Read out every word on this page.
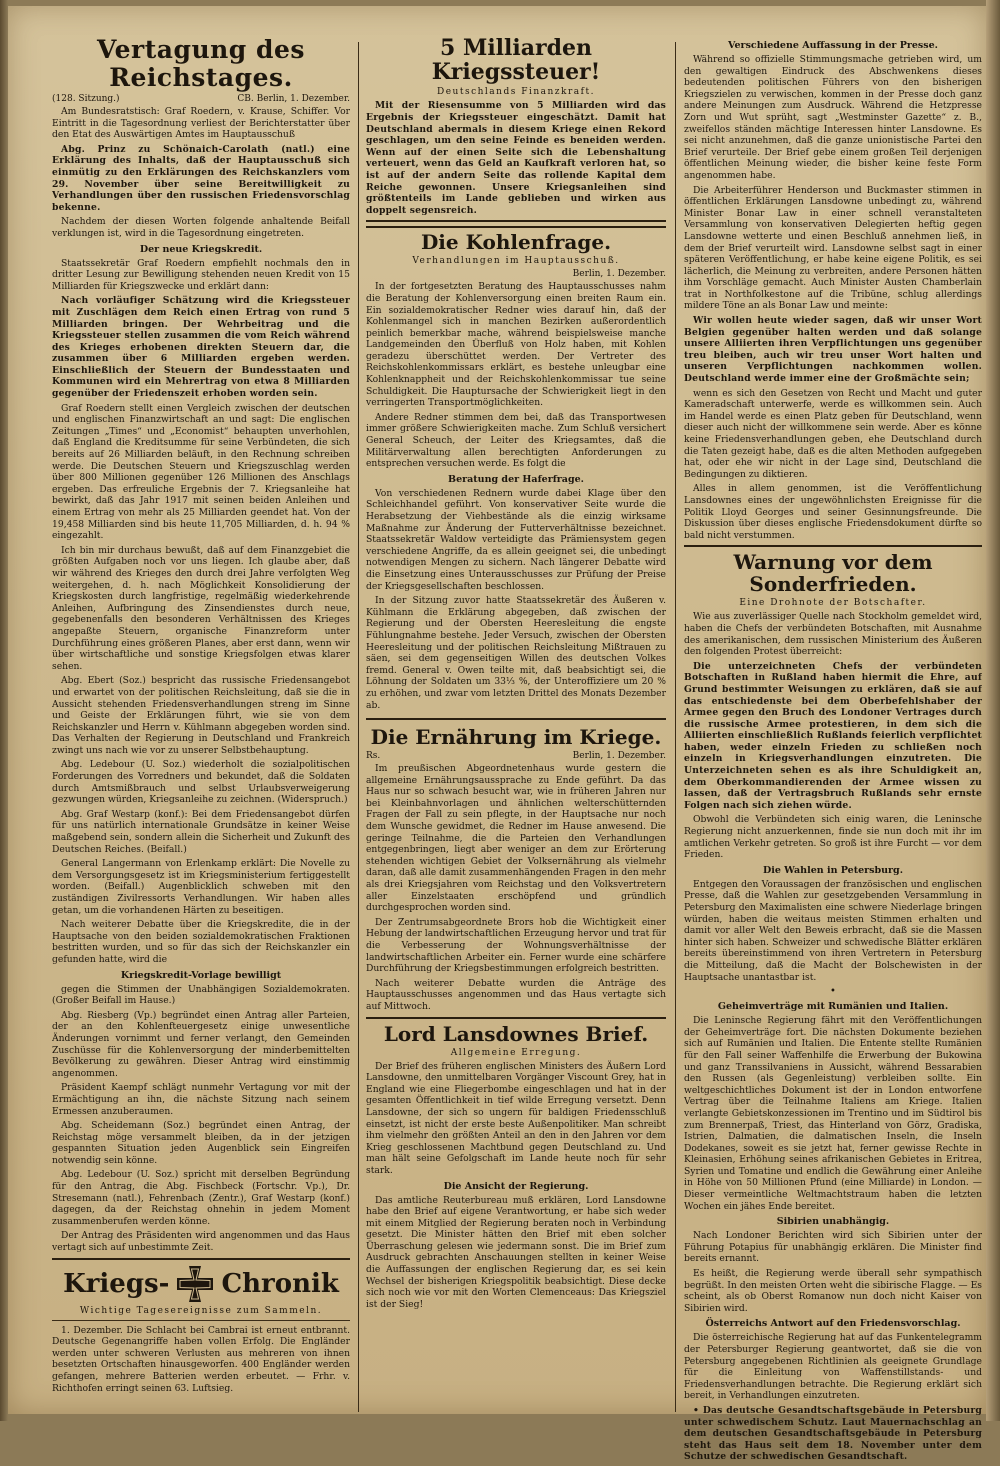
Vertagung des Reichstages.
(128. Sitzung.)	CB. Berlin, 1. Dezember.

Am Bundesratstisch: Graf Roedern, v. Krause, Schiffer. Vor Eintritt in die Tagesordnung verliest der Berichterstatter über den Etat des Auswärtigen Amtes im Hauptausschuß

Abg. Prinz zu Schönaich-Carolath (natl.) eine Erklärung des Inhalts, daß der Hauptausschuß sich einmütig zu den Erklärungen des Reichskanzlers vom 29. November über seine Bereitwilligkeit zu Verhandlungen über den russischen Friedensvorschlag bekenne.

Nachdem der diesen Worten folgende anhaltende Beifall verklungen ist, wird in die Tagesordnung eingetreten.

Der neue Kriegskredit.

Staatssekretär Graf Roedern empfiehlt nochmals den in dritter Lesung zur Bewilligung stehenden neuen Kredit von 15 Milliarden für Kriegszwecke und erklärt dann:

Nach vorläufiger Schätzung wird die Kriegssteuer mit Zuschlägen dem Reich einen Ertrag von rund 5 Milliarden bringen. Der Wehrbeitrag und die Kriegssteuer stellen zusammen die vom Reich während des Krieges erhobenen direkten Steuern dar, die zusammen über 6 Milliarden ergeben werden. Einschließlich der Steuern der Bundesstaaten und Kommunen wird ein Mehrertrag von etwa 8 Milliarden gegenüber der Friedenszeit erhoben worden sein.

Graf Roedern stellt einen Vergleich zwischen der deutschen und englischen Finanzwirtschaft an und sagt: Die englischen Zeitungen „Times“ und „Economist“ behaupten unverhohlen, daß England die Kreditsumme für seine Verbündeten, die sich bereits auf 26 Milliarden beläuft, in den Rechnung schreiben werde. Die Deutschen Steuern und Kriegszuschlag werden über 800 Millionen gegenüber 126 Millionen des Anschlags ergeben. Das erfreuliche Ergebnis der 7. Kriegsanleihe hat bewirkt, daß das Jahr 1917 mit seinen beiden Anleihen und einem Ertrag von mehr als 25 Milliarden geendet hat. Von der 19,458 Milliarden sind bis heute 11,705 Milliarden, d. h. 94 % eingezahlt.

Ich bin mir durchaus bewußt, daß auf dem Finanzgebiet die größten Aufgaben noch vor uns liegen. Ich glaube aber, daß wir während des Krieges den durch drei Jahre verfolgten Weg weitergehen, d. h. nach Möglichkeit Konsolidierung der Kriegskosten durch langfristige, regelmäßig wiederkehrende Anleihen, Aufbringung des Zinsendienstes durch neue, gegebenenfalls den besonderen Verhältnissen des Krieges angepaßte Steuern, organische Finanzreform unter Durchführung eines größeren Planes, aber erst dann, wenn wir über wirtschaftliche und sonstige Kriegsfolgen etwas klarer sehen.

Abg. Ebert (Soz.) bespricht das russische Friedensangebot und erwartet von der politischen Reichsleitung, daß sie die in Aussicht stehenden Friedensverhandlungen streng im Sinne und Geiste der Erklärungen führt, wie sie von dem Reichskanzler und Herrn v. Kühlmann abgegeben worden sind. Das Verhalten der Regierung in Deutschland und Frankreich zwingt uns nach wie vor zu unserer Selbstbehauptung.

Abg. Ledebour (U. Soz.) wiederholt die sozialpolitischen Forderungen des Vorredners und bekundet, daß die Soldaten durch Amtsmißbrauch und selbst Urlaubsverweigerung gezwungen würden, Kriegsanleihe zu zeichnen. (Widerspruch.)

Abg. Graf Westarp (konf.): Bei dem Friedensangebot dürfen für uns natürlich internationale Grundsätze in keiner Weise maßgebend sein, sondern allein die Sicherheit und Zukunft des Deutschen Reiches. (Beifall.)

General Langermann von Erlenkamp erklärt: Die Novelle zu dem Versorgungsgesetz ist im Kriegsministerium fertiggestellt worden. (Beifall.) Augenblicklich schweben mit den zuständigen Zivilressorts Verhandlungen. Wir haben alles getan, um die vorhandenen Härten zu beseitigen.

Nach weiterer Debatte über die Kriegskredite, die in der Hauptsache von den beiden sozialdemokratischen Fraktionen bestritten wurden, und so für das sich der Reichskanzler ein gefunden hatte, wird die

Kriegskredit-Vorlage bewilligt

gegen die Stimmen der Unabhängigen Sozialdemokraten. (Großer Beifall im Hause.)

Abg. Riesberg (Vp.) begründet einen Antrag aller Parteien, der an den Kohlenfteuergesetz einige unwesentliche Änderungen vornimmt und ferner verlangt, den Gemeinden Zuschüsse für die Kohlenversorgung der minderbemittelten Bevölkerung zu gewähren. Dieser Antrag wird einstimmig angenommen.

Präsident Kaempf schlägt nunmehr Vertagung vor mit der Ermächtigung an ihn, die nächste Sitzung nach seinem Ermessen anzuberaumen.

Abg. Scheidemann (Soz.) begründet einen Antrag, der Reichstag möge versammelt bleiben, da in der jetzigen gespannten Situation jeden Augenblick sein Eingreifen notwendig sein könne.

Abg. Ledebour (U. Soz.) spricht mit derselben Begründung für den Antrag, die Abg. Fischbeck (Fortschr. Vp.), Dr. Stresemann (natl.), Fehrenbach (Zentr.), Graf Westarp (konf.) dagegen, da der Reichstag ohnehin in jedem Moment zusammenberufen werden könne.

Der Antrag des Präsidenten wird angenommen und das Haus vertagt sich auf unbestimmte Zeit.

Kriegs- Chronik
Wichtige Tagesereignisse zum Sammeln.

1. Dezember. Die Schlacht bei Cambrai ist erneut entbrannt. Deutsche Gegenangriffe haben vollen Erfolg. Die Engländer werden unter schweren Verlusten aus mehreren von ihnen besetzten Ortschaften hinausgeworfen. 400 Engländer werden gefangen, mehrere Batterien werden erbeutet. — Frhr. v. Richthofen erringt seinen 63. Luftsieg.

5 Milliarden Kriegssteuer!
Deutschlands Finanzkraft.

Mit der Riesensumme von 5 Milliarden wird das Ergebnis der Kriegssteuer eingeschätzt. Damit hat Deutschland abermals in diesem Kriege einen Rekord geschlagen, um den seine Feinde es beneiden werden. Wenn auf der einen Seite sich die Lebenshaltung verteuert, wenn das Geld an Kaufkraft verloren hat, so ist auf der andern Seite das rollende Kapital dem Reiche gewonnen. Unsere Kriegsanleihen sind größtenteils im Lande geblieben und wirken aus doppelt segensreich.

Die Kohlenfrage.
Verhandlungen im Hauptausschuß.
Berlin, 1. Dezember.

In der fortgesetzten Beratung des Hauptausschusses nahm die Beratung der Kohlenversorgung einen breiten Raum ein. Ein sozialdemokratischer Redner wies darauf hin, daß der Kohlenmangel sich in manchen Bezirken außerordentlich peinlich bemerkbar mache, während beispielsweise manche Landgemeinden den Überfluß von Holz haben, mit Kohlen geradezu überschüttet werden. Der Vertreter des Reichskohlenkommissars erklärt, es bestehe unleugbar eine Kohlenknappheit und der Reichskohlenkommissar tue seine Schuldigkeit. Die Hauptursache der Schwierigkeit liegt in den verringerten Transportmöglichkeiten.

Andere Redner stimmen dem bei, daß das Transportwesen immer größere Schwierigkeiten mache. Zum Schluß versichert General Scheuch, der Leiter des Kriegsamtes, daß die Militärverwaltung allen berechtigten Anforderungen zu entsprechen versuchen werde. Es folgt die

Beratung der Haferfrage.

Von verschiedenen Rednern wurde dabei Klage über den Schleichhandel geführt. Von konservativer Seite wurde die Herabsetzung der Viehbestände als die einzig wirksame Maßnahme zur Änderung der Futterverhältnisse bezeichnet. Staatssekretär Waldow verteidigte das Prämiensystem gegen verschiedene Angriffe, da es allein geeignet sei, die unbedingt notwendigen Mengen zu sichern. Nach längerer Debatte wird die Einsetzung eines Unterausschusses zur Prüfung der Preise der Kriegsgesellschaften beschlossen.

In der Sitzung zuvor hatte Staatssekretär des Äußeren v. Kühlmann die Erklärung abgegeben, daß zwischen der Regierung und der Obersten Heeresleitung die engste Fühlungnahme bestehe. Jeder Versuch, zwischen der Obersten Heeresleitung und der politischen Reichsleitung Mißtrauen zu säen, sei dem gegenseitigen Willen des deutschen Volkes fremd. General v. Owen teilte mit, daß beabsichtigt sei, die Löhnung der Soldaten um 33⅓ %, der Unteroffiziere um 20 % zu erhöhen, und zwar vom letzten Drittel des Monats Dezember ab.

Die Ernährung im Kriege.
Rs.	Berlin, 1. Dezember.

Im preußischen Abgeordnetenhaus wurde gestern die allgemeine Ernährungsaussprache zu Ende geführt. Da das Haus nur so schwach besucht war, wie in früheren Jahren nur bei Kleinbahnvorlagen und ähnlichen welterschütternden Fragen der Fall zu sein pflegte, in der Hauptsache nur noch dem Wunsche gewidmet, die Redner im Hause anwesend. Die geringe Teilnahme, die die Parteien den Verhandlungen entgegenbringen, liegt aber weniger an dem zur Erörterung stehenden wichtigen Gebiet der Volksernährung als vielmehr daran, daß alle damit zusammenhängenden Fragen in den mehr als drei Kriegsjahren vom Reichstag und den Volksvertretern aller Einzelstaaten erschöpfend und gründlich durchgesprochen worden sind.

Der Zentrumsabgeordnete Brors hob die Wichtigkeit einer Hebung der landwirtschaftlichen Erzeugung hervor und trat für die Verbesserung der Wohnungsverhältnisse der landwirtschaftlichen Arbeiter ein. Ferner wurde eine schärfere Durchführung der Kriegsbestimmungen erfolgreich bestritten.

Nach weiterer Debatte wurden die Anträge des Hauptausschusses angenommen und das Haus vertagte sich auf Mittwoch.

Lord Lansdownes Brief.
Allgemeine Erregung.

Der Brief des früheren englischen Ministers des Äußern Lord Lansdowne, den unmittelbaren Vorgänger Viscount Grey, hat in England wie eine Fliegerbombe eingeschlagen und hat in der gesamten Öffentlichkeit in tief wilde Erregung versetzt. Denn Lansdowne, der sich so ungern für baldigen Friedensschluß einsetzt, ist nicht der erste beste Außenpolitiker. Man schreibt ihm vielmehr den größten Anteil an den in den Jahren vor dem Krieg geschlossenen Machtbund gegen Deutschland zu. Und man hält seine Gefolgschaft im Lande heute noch für sehr stark.

Die Ansicht der Regierung.

Das amtliche Reuterbureau muß erklären, Lord Lansdowne habe den Brief auf eigene Verantwortung, er habe sich weder mit einem Mitglied der Regierung beraten noch in Verbindung gesetzt. Die Minister hätten den Brief mit eben solcher Überraschung gelesen wie jedermann sonst. Die im Brief zum Ausdruck gebrachten Anschauungen stellten in keiner Weise die Auffassungen der englischen Regierung dar, es sei kein Wechsel der bisherigen Kriegspolitik beabsichtigt. Diese decke sich noch wie vor mit den Worten Clemenceaus: Das Kriegsziel ist der Sieg!

Verschiedene Auffassung in der Presse.

Während so offizielle Stimmungsmache getrieben wird, um den gewaltigen Eindruck des Abschwenkens dieses bedeutenden politischen Führers von den bisherigen Kriegszielen zu verwischen, kommen in der Presse doch ganz andere Meinungen zum Ausdruck. Während die Hetzpresse Zorn und Wut sprüht, sagt „Westminster Gazette“ z. B., zweifellos ständen mächtige Interessen hinter Lansdowne. Es sei nicht anzunehmen, daß die ganze unionistische Partei den Brief verurteile. Der Brief gebe einem großen Teil derjenigen öffentlichen Meinung wieder, die bisher keine feste Form angenommen habe.

Die Arbeiterführer Henderson und Buckmaster stimmen in öffentlichen Erklärungen Lansdowne unbedingt zu, während Minister Bonar Law in einer schnell veranstalteten Versammlung von konservativen Delegierten heftig gegen Lansdowne wetterte und einen Beschluß annehmen ließ, in dem der Brief verurteilt wird. Lansdowne selbst sagt in einer späteren Veröffentlichung, er habe keine eigene Politik, es sei lächerlich, die Meinung zu verbreiten, andere Personen hätten ihm Vorschläge gemacht. Auch Minister Austen Chamberlain trat in Northfolkestone auf die Tribüne, schlug allerdings mildere Töne an als Bonar Law und meinte:

Wir wollen heute wieder sagen, daß wir unser Wort Belgien gegenüber halten werden und daß solange unsere Alliierten ihren Verpflichtungen uns gegenüber treu bleiben, auch wir treu unser Wort halten und unseren Verpflichtungen nachkommen wollen. Deutschland werde immer eine der Großmächte sein;

wenn es sich den Gesetzen von Recht und Macht und guter Kameradschaft unterwerfe, werde es willkommen sein. Auch im Handel werde es einen Platz geben für Deutschland, wenn dieser auch nicht der willkommene sein werde. Aber es könne keine Friedensverhandlungen geben, ehe Deutschland durch die Taten gezeigt habe, daß es die alten Methoden aufgegeben hat, oder ehe wir nicht in der Lage sind, Deutschland die Bedingungen zu diktieren.

Alles in allem genommen, ist die Veröffentlichung Lansdownes eines der ungewöhnlichsten Ereignisse für die Politik Lloyd Georges und seiner Gesinnungsfreunde. Die Diskussion über dieses englische Friedensdokument dürfte so bald nicht verstummen.

Warnung vor dem Sonderfrieden.
Eine Drohnote der Botschafter.

Wie aus zuverlässiger Quelle nach Stockholm gemeldet wird, haben die Chefs der verbündeten Botschaften, mit Ausnahme des amerikanischen, dem russischen Ministerium des Äußeren den folgenden Protest überreicht:

Die unterzeichneten Chefs der verbündeten Botschaften in Rußland haben hiermit die Ehre, auf Grund bestimmter Weisungen zu erklären, daß sie auf das entschiedenste bei dem Oberbefehlshaber der Armee gegen den Bruch des Londoner Vertrages durch die russische Armee protestieren, in dem sich die Alliierten einschließlich Rußlands feierlich verpflichtet haben, weder einzeln Frieden zu schließen noch einzeln in Kriegsverhandlungen einzutreten. Die Unterzeichneten sehen es als ihre Schuldigkeit an, dem Oberkommandierenden der Armee wissen zu lassen, daß der Vertragsbruch Rußlands sehr ernste Folgen nach sich ziehen würde.

Obwohl die Verbündeten sich einig waren, die Leninsche Regierung nicht anzuerkennen, finde sie nun doch mit ihr im amtlichen Verkehr getreten. So groß ist ihre Furcht — vor dem Frieden.

Die Wahlen in Petersburg.

Entgegen den Voraussagen der französischen und englischen Presse, daß die Wahlen zur gesetzgebenden Versammlung in Petersburg den Maximalisten eine schwere Niederlage bringen würden, haben die weitaus meisten Stimmen erhalten und damit vor aller Welt den Beweis erbracht, daß sie die Massen hinter sich haben. Schweizer und schwedische Blätter erklären bereits übereinstimmend von ihren Vertretern in Petersburg die Mitteilung, daß die Macht der Bolschewisten in der Hauptsache unantastbar ist.

•
Geheimverträge mit Rumänien und Italien.

Die Leninsche Regierung fährt mit den Veröffentlichungen der Geheimverträge fort. Die nächsten Dokumente beziehen sich auf Rumänien und Italien. Die Entente stellte Rumänien für den Fall seiner Waffenhilfe die Erwerbung der Bukowina und ganz Transsilvaniens in Aussicht, während Bessarabien den Russen (als Gegenleistung) verbleiben sollte. Ein weltgeschichtliches Dokument ist der in London entworfene Vertrag über die Teilnahme Italiens am Kriege. Italien verlangte Gebietskonzessionen im Trentino und im Südtirol bis zum Brennerpaß, Triest, das Hinterland von Görz, Gradiska, Istrien, Dalmatien, die dalmatischen Inseln, die Inseln Dodekanes, soweit es sie jetzt hat, ferner gewisse Rechte in Kleinasien, Erhöhung seines afrikanischen Gebietes in Eritrea, Syrien und Tomatine und endlich die Gewährung einer Anleihe in Höhe von 50 Millionen Pfund (eine Milliarde) in London. — Dieser vermeintliche Weltmachtstraum haben die letzten Wochen ein jähes Ende bereitet.

Sibirien unabhängig.

Nach Londoner Berichten wird sich Sibirien unter der Führung Potapius für unabhängig erklären. Die Minister find bereits ernannt.

Es heißt, die Regierung werde überall sehr sympathisch begrüßt. In den meisten Orten weht die sibirische Flagge. — Es scheint, als ob Oberst Romanow nun doch nicht Kaiser von Sibirien wird.

Österreichs Antwort auf den Friedensvorschlag.

Die österreichische Regierung hat auf das Funkentelegramm der Petersburger Regierung geantwortet, daß sie die von Petersburg angegebenen Richtlinien als geeignete Grundlage für die Einleitung von Waffenstillstands- und Friedensverhandlungen betrachte. Die Regierung erklärt sich bereit, in Verhandlungen einzutreten.

• Das deutsche Gesandtschaftsgebäude in Petersburg unter schwedischem Schutz. Laut Mauernachschlag an dem deutschen Gesandtschaftsgebäude in Petersburg steht das Haus seit dem 18. November unter dem Schutze der schwedischen Gesandtschaft.
